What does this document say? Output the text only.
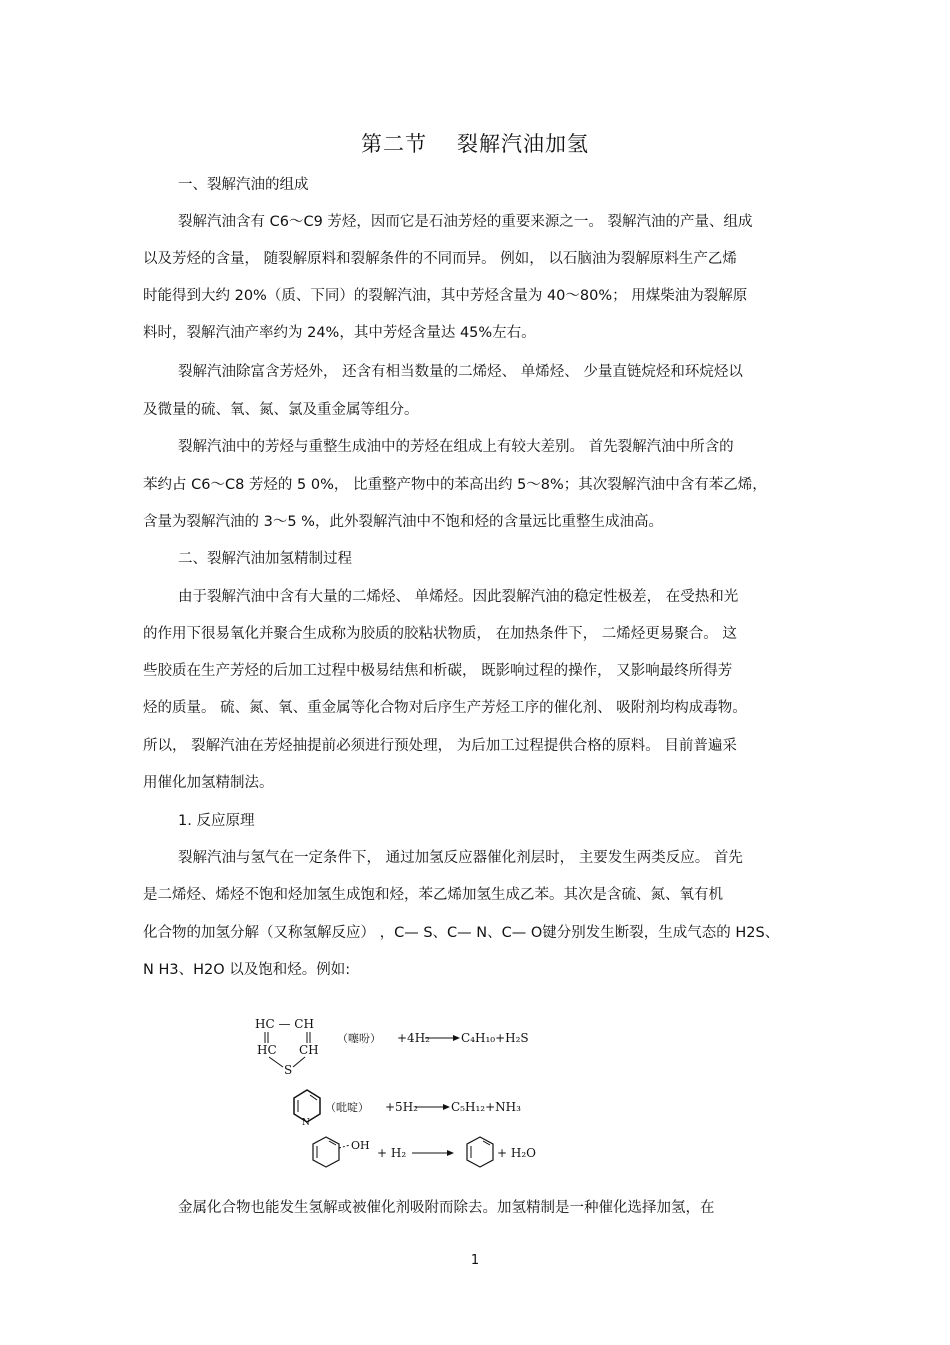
第二节 裂解汽油加氢
一、裂解汽油的组成
裂解汽油含有 C6～C9 芳烃，因而它是石油芳烃的重要来源之一。 裂解汽油的产量、组成
以及芳烃的含量， 随裂解原料和裂解条件的不同而异。 例如， 以石脑油为裂解原料生产乙烯
时能得到大约 20%（质、下同）的裂解汽油，其中芳烃含量为 40～80%； 用煤柴油为裂解原
料时，裂解汽油产率约为 24%，其中芳烃含量达 45%左右。
裂解汽油除富含芳烃外， 还含有相当数量的二烯烃、 单烯烃、 少量直链烷烃和环烷烃以
及微量的硫、氧、氮、氯及重金属等组分。
裂解汽油中的芳烃与重整生成油中的芳烃在组成上有较大差别。 首先裂解汽油中所含的
苯约占 C6～C8 芳烃的 5 0%， 比重整产物中的苯高出约 5～8%；其次裂解汽油中含有苯乙烯，
含量为裂解汽油的 3～5 %，此外裂解汽油中不饱和烃的含量远比重整生成油高。
二、裂解汽油加氢精制过程
由于裂解汽油中含有大量的二烯烃、 单烯烃。因此裂解汽油的稳定性极差， 在受热和光
的作用下很易氧化并聚合生成称为胶质的胶粘状物质， 在加热条件下， 二烯烃更易聚合。 这
些胶质在生产芳烃的后加工过程中极易结焦和析碳， 既影响过程的操作， 又影响最终所得芳
烃的质量。 硫、氮、氧、重金属等化合物对后序生产芳烃工序的催化剂、 吸附剂均构成毒物。
所以， 裂解汽油在芳烃抽提前必须进行预处理， 为后加工过程提供合格的原料。 目前普遍采
用催化加氢精制法。
1. 反应原理
裂解汽油与氢气在一定条件下， 通过加氢反应器催化剂层时， 主要发生两类反应。 首先
是二烯烃、烯烃不饱和烃加氢生成饱和烃，苯乙烯加氢生成乙苯。其次是含硫、氮、氧有机
化合物的加氢分解（又称氢解反应） ，C— S、C— N、C— O键分别发生断裂，生成气态的 H2S、
N H3、H2O 以及饱和烃。例如:
HC — CH
HC CH
S
（噻吩） +4H₂	C₄H₁₀+H₂S
N
（吡啶） +5H₂	C₅H₁₂+NH₃
OH
+ H₂	+ H₂O
金属化合物也能发生氢解或被催化剂吸附而除去。加氢精制是一种催化选择加氢，在
1
